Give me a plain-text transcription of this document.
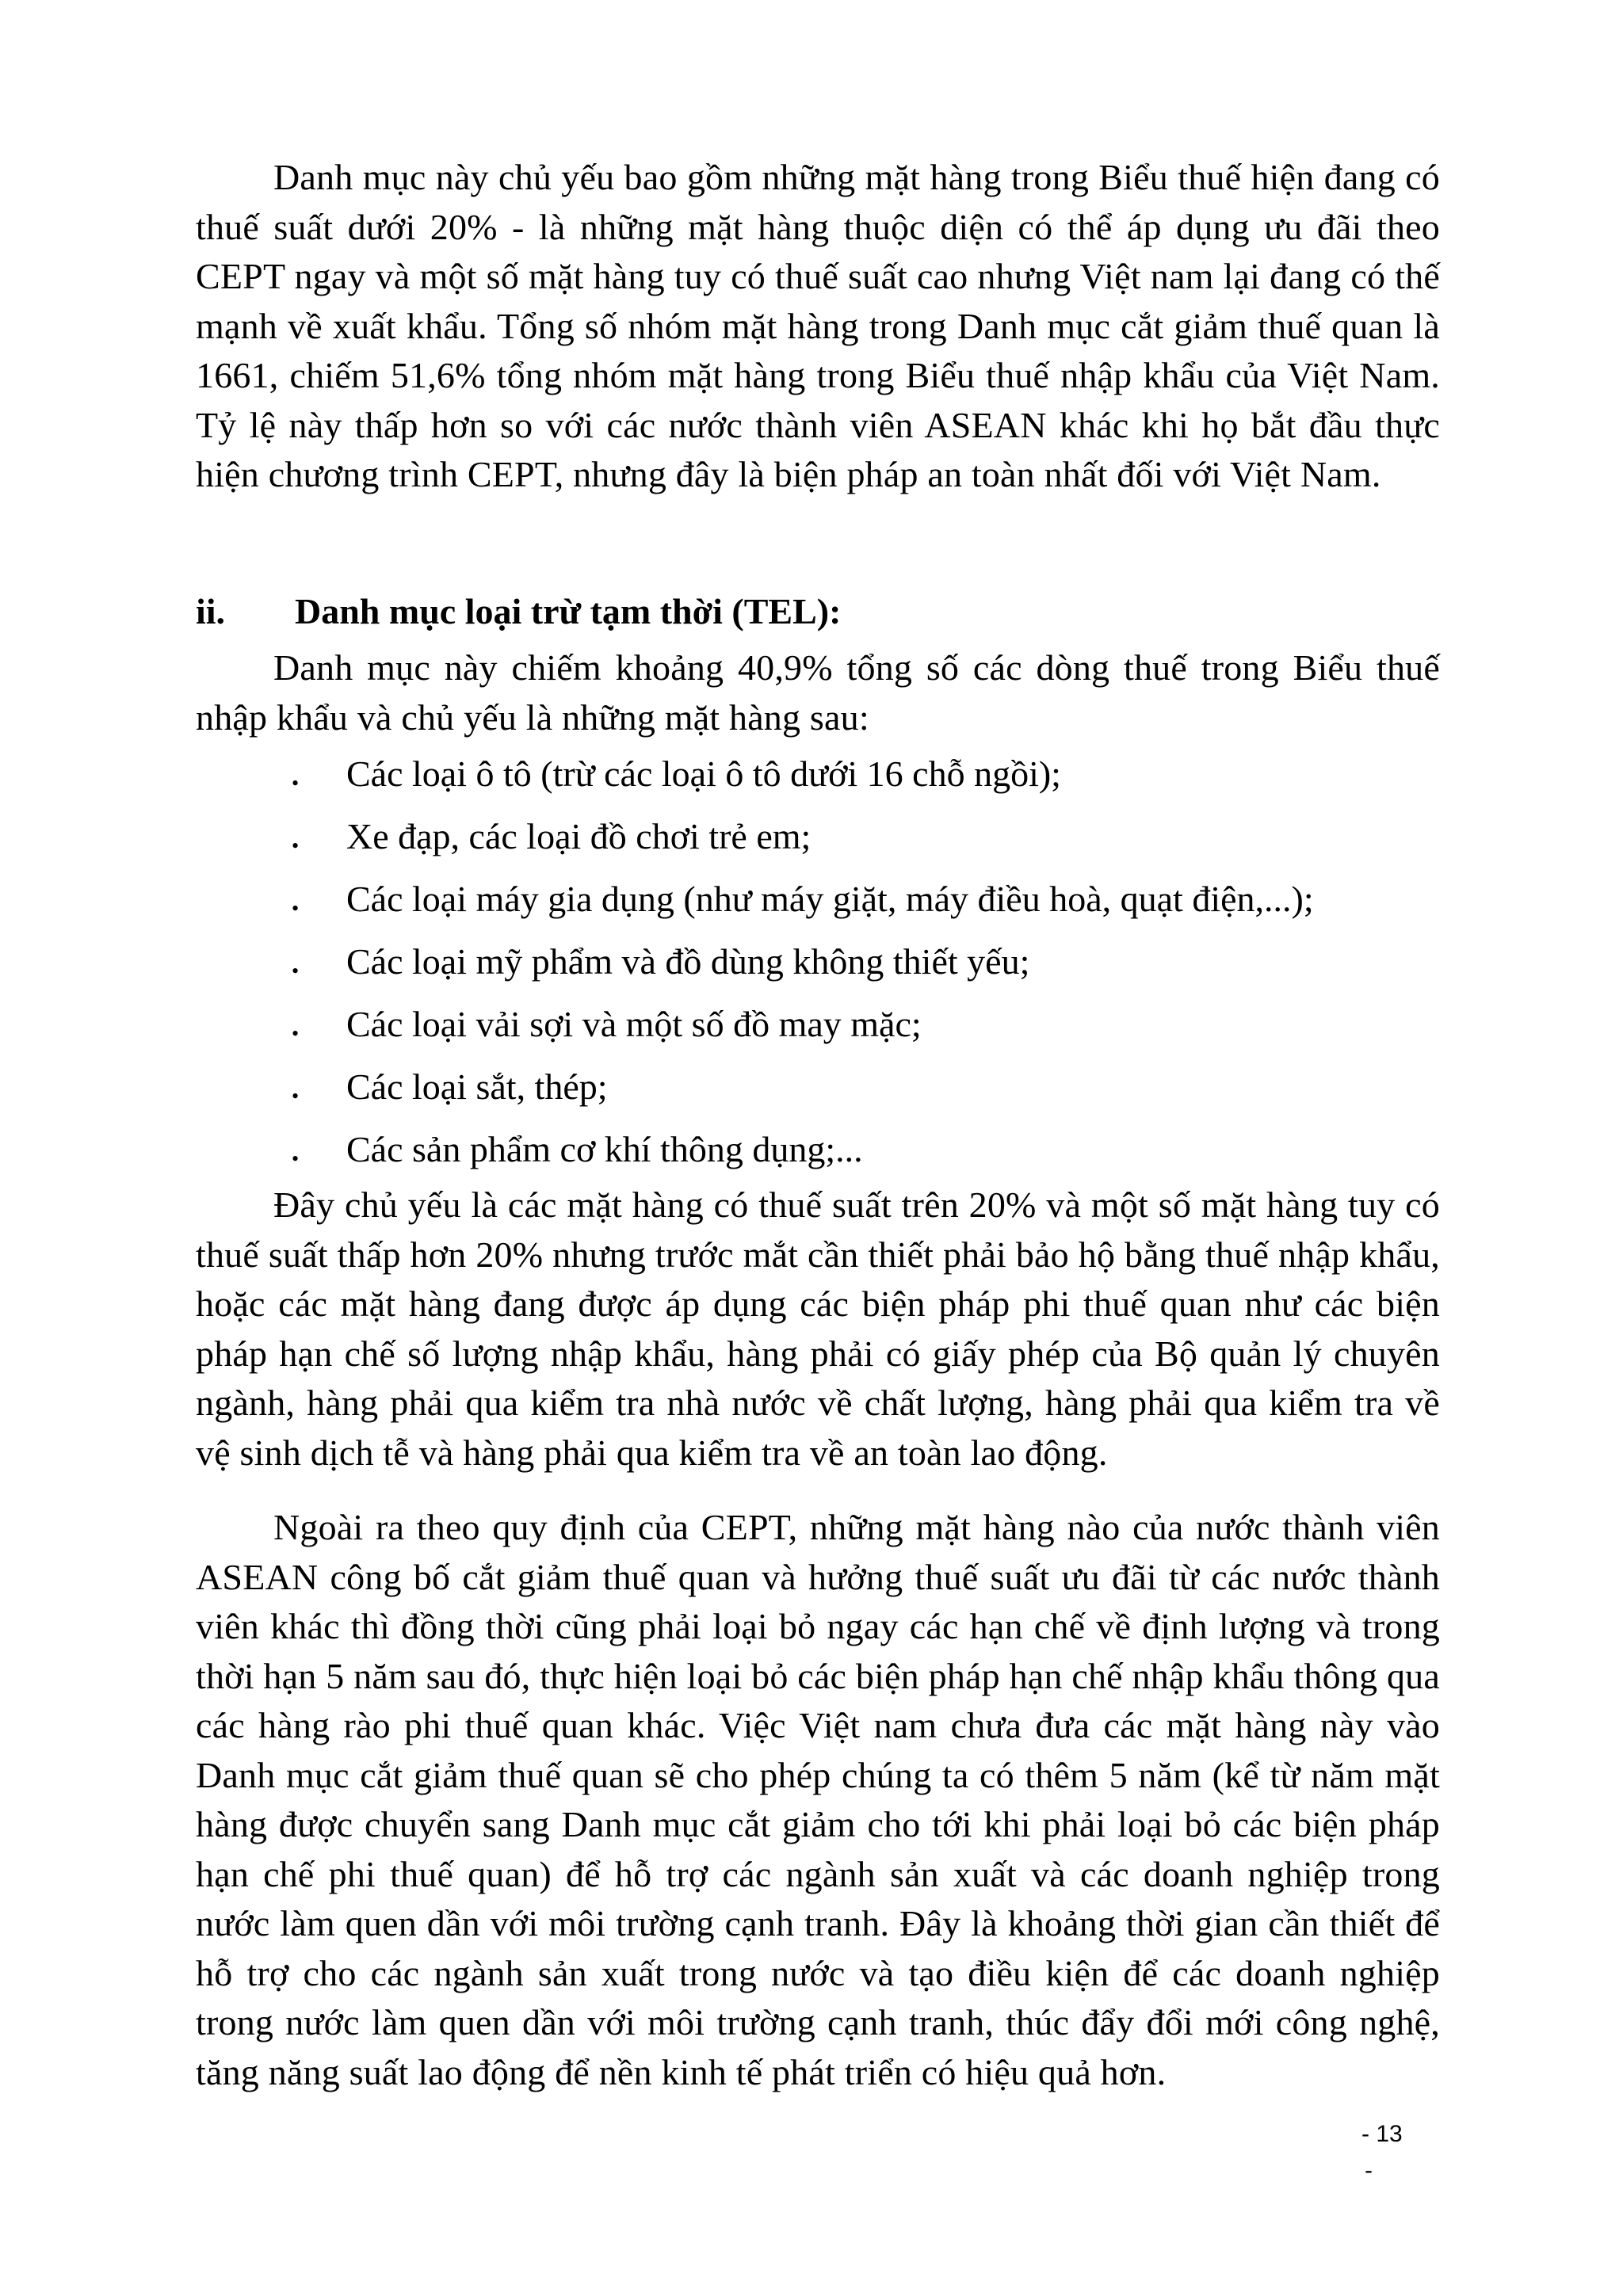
Danh mục này chủ yếu bao gồm những mặt hàng trong Biểu thuế hiện đang có thuế suất dưới 20% - là những mặt hàng thuộc diện có thể áp dụng ưu đãi theo CEPT ngay và một số mặt hàng tuy có thuế suất cao nhưng Việt nam lại đang có thế mạnh về xuất khẩu. Tổng số nhóm mặt hàng trong Danh mục cắt giảm thuế quan là 1661, chiếm 51,6% tổng nhóm mặt hàng trong Biểu thuế nhập khẩu của Việt Nam. Tỷ lệ này thấp hơn so với các nước thành viên ASEAN khác khi họ bắt đầu thực hiện chương trình CEPT, nhưng đây là biện pháp an toàn nhất đối với Việt Nam.

ii. Danh mục loại trừ tạm thời (TEL):

Danh mục này chiếm khoảng 40,9% tổng số các dòng thuế trong Biểu thuế nhập khẩu và chủ yếu là những mặt hàng sau:

• Các loại ô tô (trừ các loại ô tô dưới 16 chỗ ngồi);
• Xe đạp, các loại đồ chơi trẻ em;
• Các loại máy gia dụng (như máy giặt, máy điều hoà, quạt điện,...);
• Các loại mỹ phẩm và đồ dùng không thiết yếu;
• Các loại vải sợi và một số đồ may mặc;
• Các loại sắt, thép;
• Các sản phẩm cơ khí thông dụng;...

Đây chủ yếu là các mặt hàng có thuế suất trên 20% và một số mặt hàng tuy có thuế suất thấp hơn 20% nhưng trước mắt cần thiết phải bảo hộ bằng thuế nhập khẩu, hoặc các mặt hàng đang được áp dụng các biện pháp phi thuế quan như các biện pháp hạn chế số lượng nhập khẩu, hàng phải có giấy phép của Bộ quản lý chuyên ngành, hàng phải qua kiểm tra nhà nước về chất lượng, hàng phải qua kiểm tra về vệ sinh dịch tễ và hàng phải qua kiểm tra về an toàn lao động.

Ngoài ra theo quy định của CEPT, những mặt hàng nào của nước thành viên ASEAN công bố cắt giảm thuế quan và hưởng thuế suất ưu đãi từ các nước thành viên khác thì đồng thời cũng phải loại bỏ ngay các hạn chế về định lượng và trong thời hạn 5 năm sau đó, thực hiện loại bỏ các biện pháp hạn chế nhập khẩu thông qua các hàng rào phi thuế quan khác. Việc Việt nam chưa đưa các mặt hàng này vào Danh mục cắt giảm thuế quan sẽ cho phép chúng ta có thêm 5 năm (kể từ năm mặt hàng được chuyển sang Danh mục cắt giảm cho tới khi phải loại bỏ các biện pháp hạn chế phi thuế quan) để hỗ trợ các ngành sản xuất và các doanh nghiệp trong nước làm quen dần với môi trường cạnh tranh. Đây là khoảng thời gian cần thiết để hỗ trợ cho các ngành sản xuất trong nước và tạo điều kiện để các doanh nghiệp trong nước làm quen dần với môi trường cạnh tranh, thúc đẩy đổi mới công nghệ, tăng năng suất lao động để nền kinh tế phát triển có hiệu quả hơn.

- 13

-
